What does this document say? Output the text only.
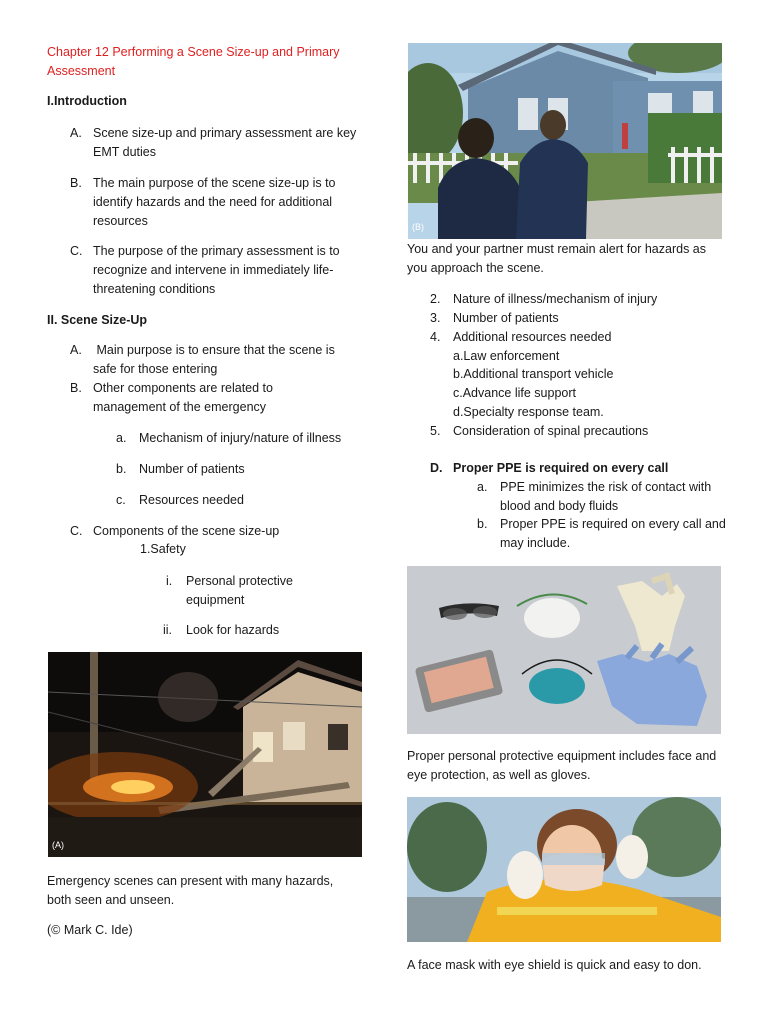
Chapter 12 Performing a Scene Size-up and Primary Assessment
I.Introduction
A. Scene size-up and primary assessment are key EMT duties
B. The main purpose of the scene size-up is to identify hazards and the need for additional resources
C. The purpose of the primary assessment is to recognize and intervene in immediately life-threatening conditions
II. Scene Size-Up
A. Main purpose is to ensure that the scene is safe for those entering
B. Other components are related to management of the emergency
a. Mechanism of injury/nature of illness
b. Number of patients
c. Resources needed
C. Components of the scene size-up
1.Safety
i. Personal protective equipment
ii. Look for hazards
(A)
Emergency scenes can present with many hazards, both seen and unseen.
(© Mark C. Ide)
(B)
You and your partner must remain alert for hazards as you approach the scene.
2. Nature of illness/mechanism of injury
3. Number of patients
4. Additional resources needed
a.Law enforcement
b.Additional transport vehicle
c.Advance life support
d.Specialty response team.
5. Consideration of spinal precautions
D. Proper PPE is required on every call
a. PPE minimizes the risk of contact with blood and body fluids
b. Proper PPE is required on every call and may include.
Proper personal protective equipment includes face and eye protection, as well as gloves.
A face mask with eye shield is quick and easy to don.
